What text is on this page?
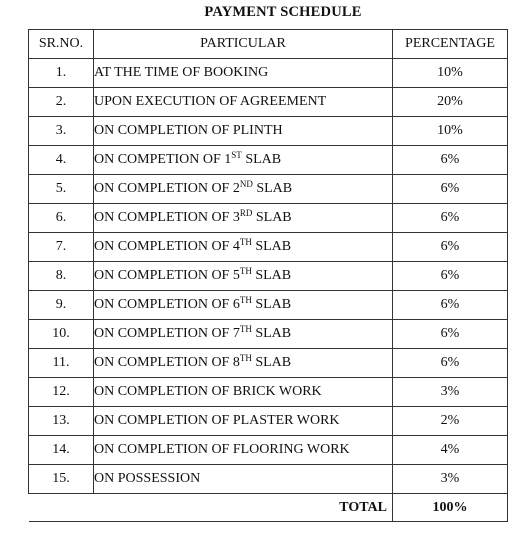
PAYMENT SCHEDULE
SR.NO.	PARTICULAR	PERCENTAGE
1.	AT THE TIME OF BOOKING	10%
2.	UPON EXECUTION OF AGREEMENT	20%
3.	ON COMPLETION OF PLINTH	10%
4.	ON COMPETION OF 1ST SLAB	6%
5.	ON COMPLETION OF 2ND SLAB	6%
6.	ON COMPLETION OF 3RD SLAB	6%
7.	ON COMPLETION OF 4TH SLAB	6%
8.	ON COMPLETION OF 5TH SLAB	6%
9.	ON COMPLETION OF 6TH SLAB	6%
10.	ON COMPLETION OF 7TH SLAB	6%
11.	ON COMPLETION OF 8TH SLAB	6%
12.	ON COMPLETION OF BRICK WORK	3%
13.	ON COMPLETION OF PLASTER WORK	2%
14.	ON COMPLETION OF FLOORING WORK	4%
15.	ON POSSESSION	3%
TOTAL		100%
